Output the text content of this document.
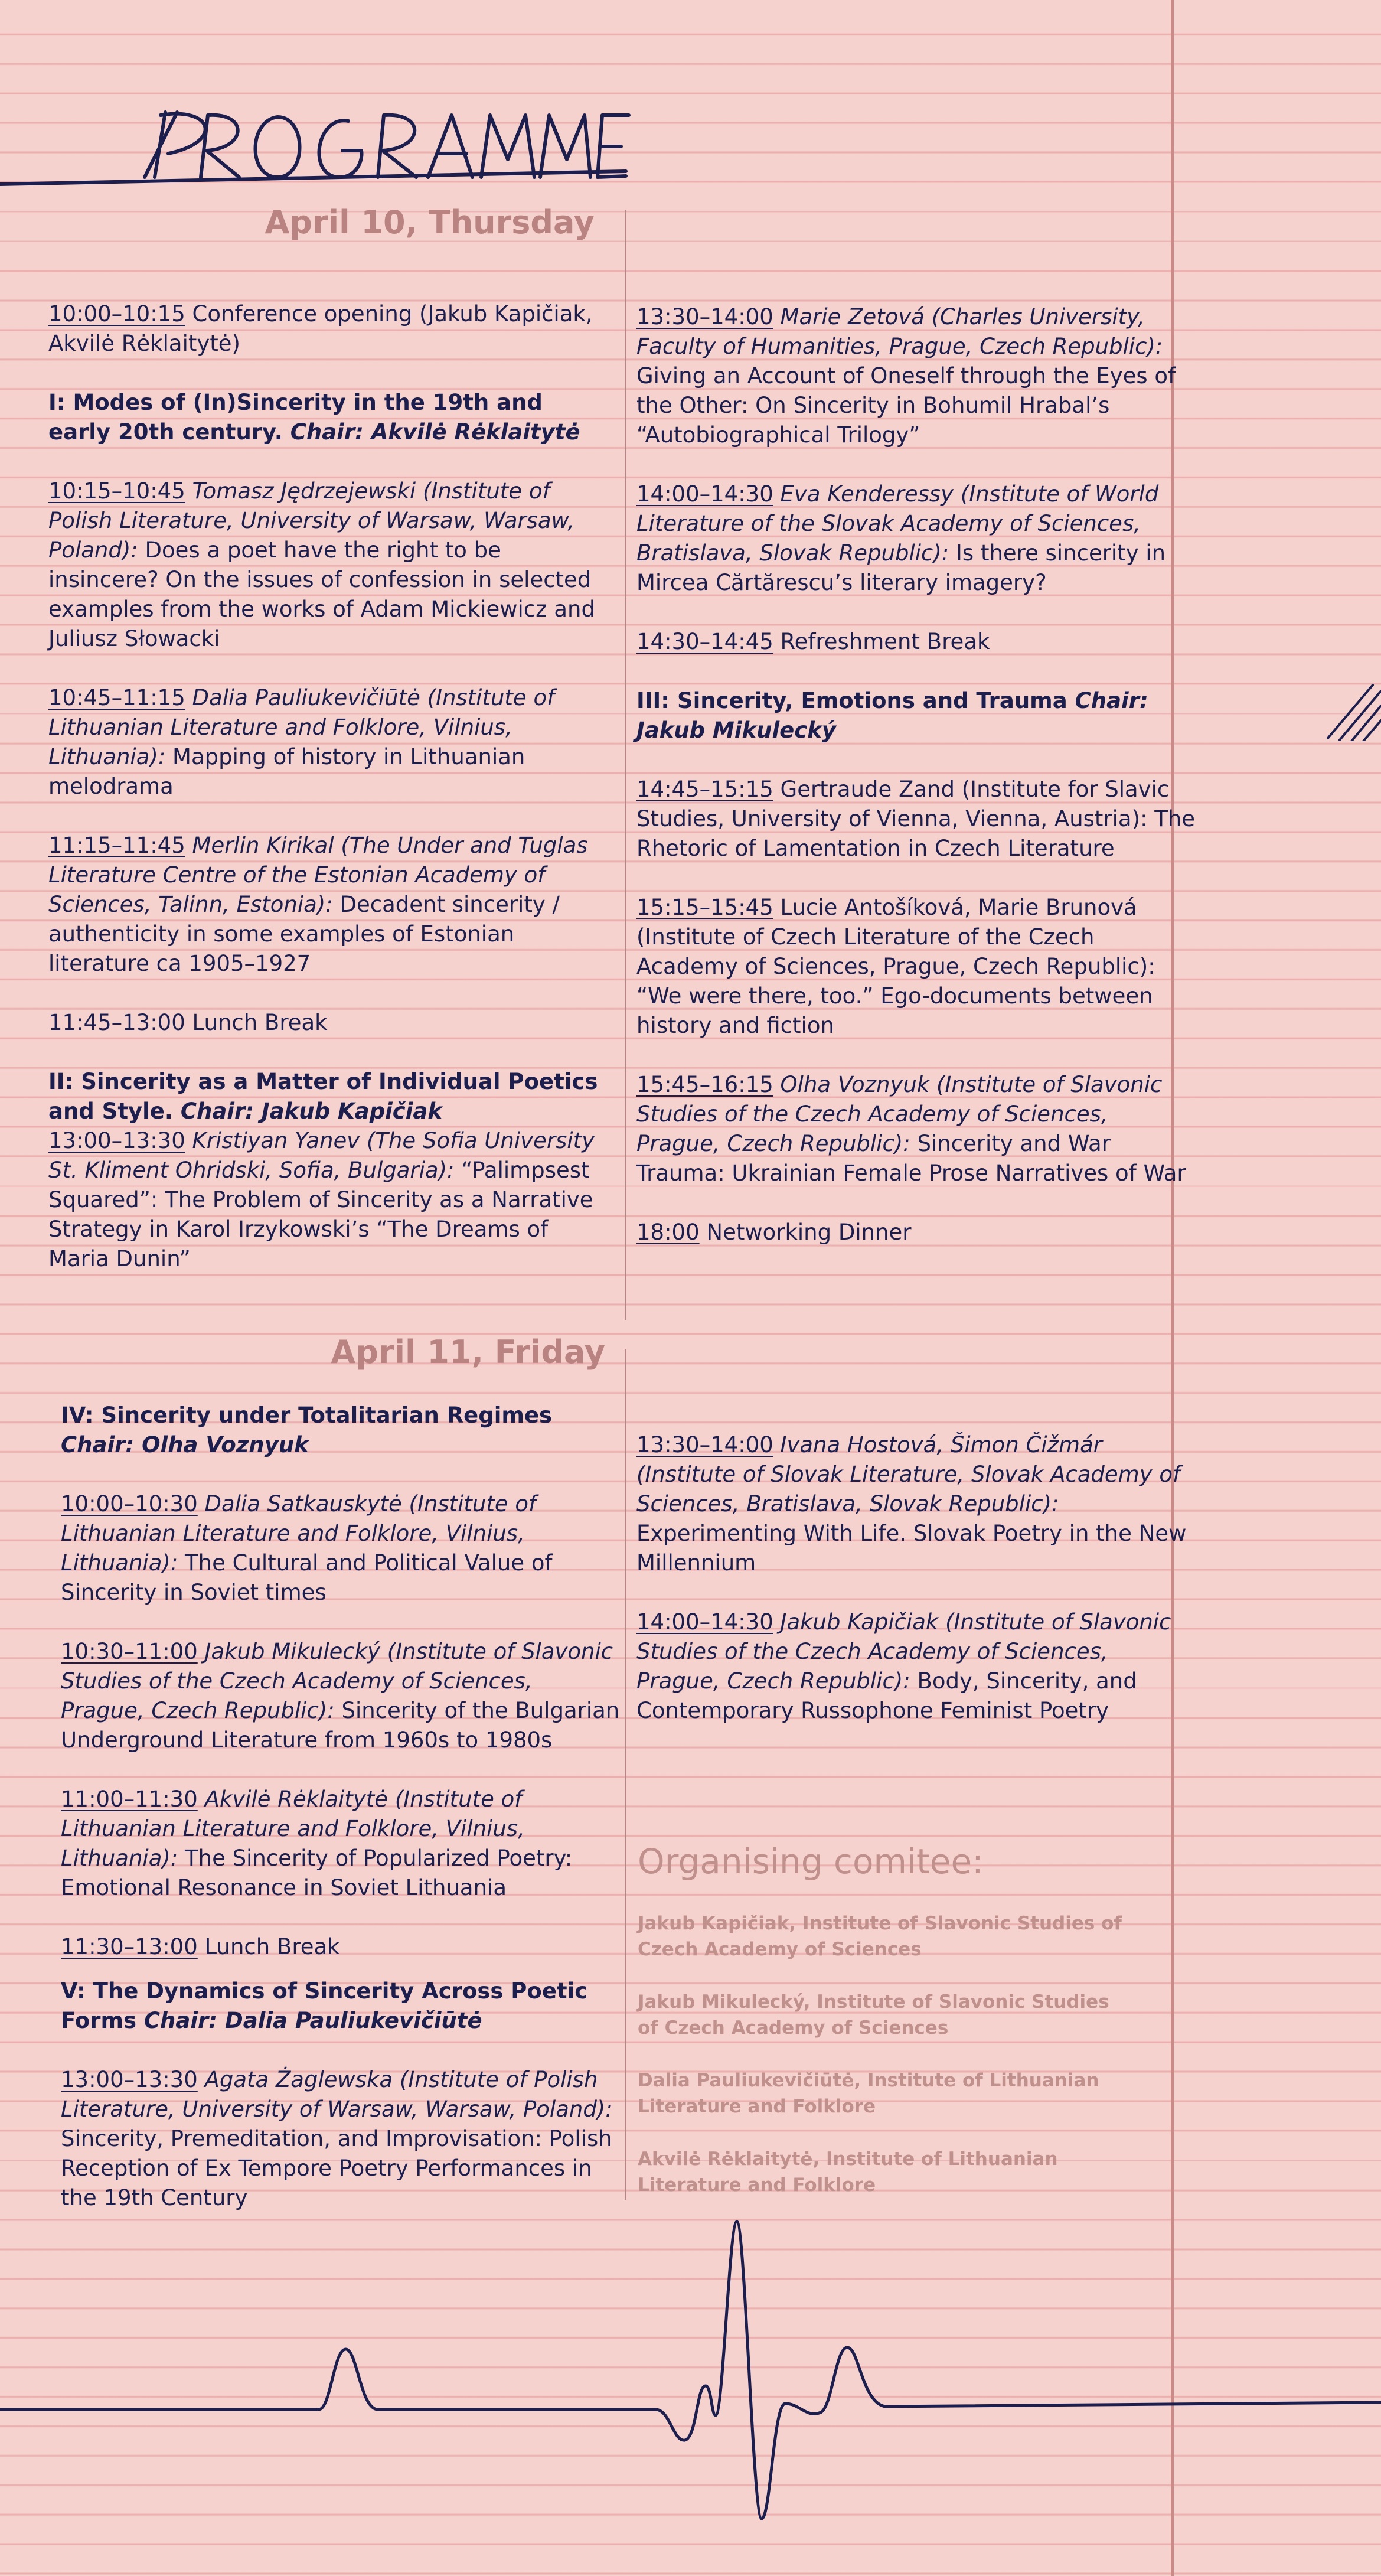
April 10, Thursday
April 11, Friday
10:00–10:15 Conference opening (Jakub Kapičiak, Akvilė Rėklaitytė)
I: Modes of (In)Sincerity in the 19th and early 20th century. Chair: Akvilė Rėklaitytė
10:15–10:45 Tomasz Jędrzejewski (Institute of Polish Literature, University of Warsaw, Warsaw, Poland): Does a poet have the right to be insincere? On the issues of confession in selected examples from the works of Adam Mickiewicz and Juliusz Słowacki
10:45–11:15 Dalia Pauliukevičiūtė (Institute of Lithuanian Literature and Folklore, Vilnius, Lithuania): Mapping of history in Lithuanian melodrama
11:15–11:45 Merlin Kirikal (The Under and Tuglas Literature Centre of the Estonian Academy of Sciences, Talinn, Estonia): Decadent sincerity / authenticity in some examples of Estonian literature ca 1905–1927
11:45–13:00 Lunch Break
II: Sincerity as a Matter of Individual Poetics and Style. Chair: Jakub Kapičiak
13:00–13:30 Kristiyan Yanev (The Sofia University St. Kliment Ohridski, Sofia, Bulgaria): “Palimpsest Squared”: The Problem of Sincerity as a Narrative Strategy in Karol Irzykowski’s “The Dreams of Maria Dunin”
13:30–14:00 Marie Zetová (Charles University, Faculty of Humanities, Prague, Czech Republic): Giving an Account of Oneself through the Eyes of the Other: On Sincerity in Bohumil Hrabal’s “Autobiographical Trilogy”
14:00–14:30 Eva Kenderessy (Institute of World Literature of the Slovak Academy of Sciences, Bratislava, Slovak Republic): Is there sincerity in Mircea Cărtărescu’s literary imagery?
14:30–14:45 Refreshment Break
III: Sincerity, Emotions and Trauma Chair: Jakub Mikulecký
14:45–15:15 Gertraude Zand (Institute for Slavic Studies, University of Vienna, Vienna, Austria): The Rhetoric of Lamentation in Czech Literature
15:15–15:45 Lucie Antošíková, Marie Brunová (Institute of Czech Literature of the Czech Academy of Sciences, Prague, Czech Republic): “We were there, too.” Ego-documents between history and fiction
15:45–16:15 Olha Voznyuk (Institute of Slavonic Studies of the Czech Academy of Sciences, Prague, Czech Republic): Sincerity and War Trauma: Ukrainian Female Prose Narratives of War
18:00 Networking Dinner
IV: Sincerity under Totalitarian Regimes Chair: Olha Voznyuk
10:00–10:30 Dalia Satkauskytė (Institute of Lithuanian Literature and Folklore, Vilnius, Lithuania): The Cultural and Political Value of Sincerity in Soviet times
10:30–11:00 Jakub Mikulecký (Institute of Slavonic Studies of the Czech Academy of Sciences, Prague, Czech Republic): Sincerity of the Bulgarian Underground Literature from 1960s to 1980s
11:00–11:30 Akvilė Rėklaitytė (Institute of Lithuanian Literature and Folklore, Vilnius, Lithuania): The Sincerity of Popularized Poetry: Emotional Resonance in Soviet Lithuania
11:30–13:00 Lunch Break
V: The Dynamics of Sincerity Across Poetic Forms Chair: Dalia Pauliukevičiūtė
13:00–13:30 Agata Żaglewska (Institute of Polish Literature, University of Warsaw, Warsaw, Poland): Sincerity, Premeditation, and Improvisation: Polish Reception of Ex Tempore Poetry Performances in the 19th Century
13:30–14:00 Ivana Hostová, Šimon Čižmár (Institute of Slovak Literature, Slovak Academy of Sciences, Bratislava, Slovak Republic): Experimenting With Life. Slovak Poetry in the New Millennium
14:00–14:30 Jakub Kapičiak (Institute of Slavonic Studies of the Czech Academy of Sciences, Prague, Czech Republic): Body, Sincerity, and Contemporary Russophone Feminist Poetry
Organising comitee:
Jakub Kapičiak, Institute of Slavonic Studies of Czech Academy of Sciences
Jakub Mikulecký, Institute of Slavonic Studies of Czech Academy of Sciences
Dalia Pauliukevičiūtė, Institute of Lithuanian Literature and Folklore
Akvilė Rėklaitytė, Institute of Lithuanian Literature and Folklore
